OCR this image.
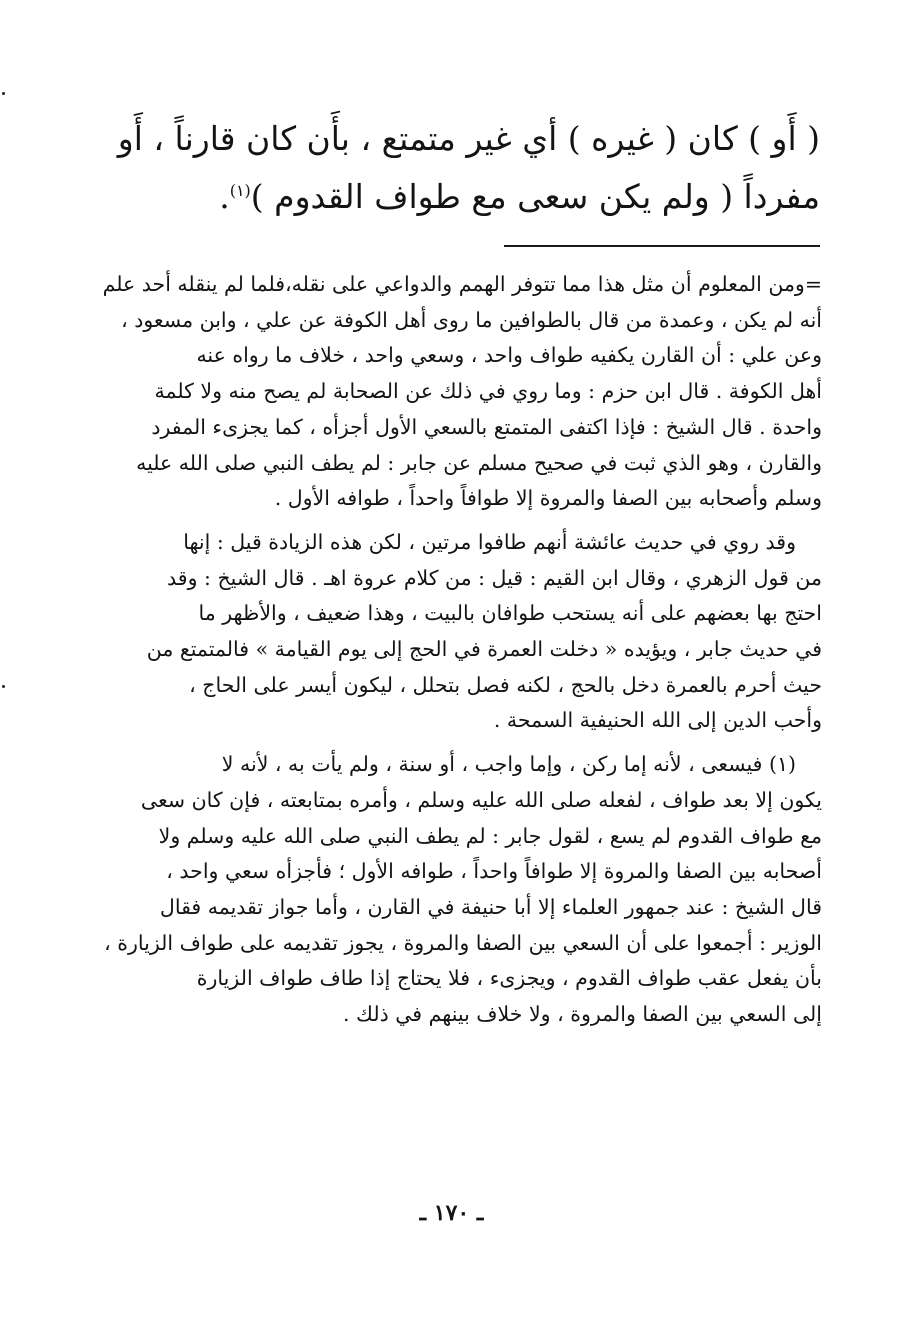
( أَو ) كان ( غيره ) أي غير متمتع ، بأَن كان قارناً ، أَو
مفرداً ( ولم يكن سعى مع طواف القدوم )$^{(١)}$.
=ومن المعلوم أن مثل هذا مما تتوفر الهمم والدواعي على نقله،فلما لم ينقله أحد علم
أنه لم يكن ، وعمدة من قال بالطوافين ما روى أهل الكوفة عن علي ، وابن مسعود ،
وعن علي : أن القارن يكفيه طواف واحد ، وسعي واحد ، خلاف ما رواه عنه
أهل الكوفة . قال ابن حزم : وما روي في ذلك عن الصحابة لم يصح منه ولا كلمة
واحدة . قال الشيخ : فإذا اكتفى المتمتع بالسعي الأول أجزأه ، كما يجزىء المفرد
والقارن ، وهو الذي ثبت في صحيح مسلم عن جابر : لم يطف النبي صلى الله عليه
وسلم وأصحابه بين الصفا والمروة إلا طوافاً واحداً ، طوافه الأول .
وقد روي في حديث عائشة أنهم طافوا مرتين ، لكن هذه الزيادة قيل : إنها
من قول الزهري ، وقال ابن القيم : قيل : من كلام عروة اهـ . قال الشيخ : وقد
احتج بها بعضهم على أنه يستحب طوافان بالبيت ، وهذا ضعيف ، والأظهر ما
في حديث جابر ، ويؤيده « دخلت العمرة في الحج إلى يوم القيامة » فالمتمتع من
حيث أحرم بالعمرة دخل بالحج ، لكنه فصل بتحلل ، ليكون أيسر على الحاج ،
وأحب الدين إلى الله الحنيفية السمحة .
(١) فيسعى ، لأنه إما ركن ، وإما واجب ، أو سنة ، ولم يأت به ، لأنه لا
يكون إلا بعد طواف ، لفعله صلى الله عليه وسلم ، وأمره بمتابعته ، فإن كان سعى
مع طواف القدوم لم يسع ، لقول جابر : لم يطف النبي صلى الله عليه وسلم ولا
أصحابه بين الصفا والمروة إلا طوافاً واحداً ، طوافه الأول ؛ فأجزأه سعي واحد ،
قال الشيخ : عند جمهور العلماء إلا أبا حنيفة في القارن ، وأما جواز تقديمه فقال
الوزير : أجمعوا على أن السعي بين الصفا والمروة ، يجوز تقديمه على طواف الزيارة ،
بأن يفعل عقب طواف القدوم ، ويجزىء ، فلا يحتاج إذا طاف طواف الزيارة
إلى السعي بين الصفا والمروة ، ولا خلاف بينهم في ذلك .
ـ ١٧٠ ـ
